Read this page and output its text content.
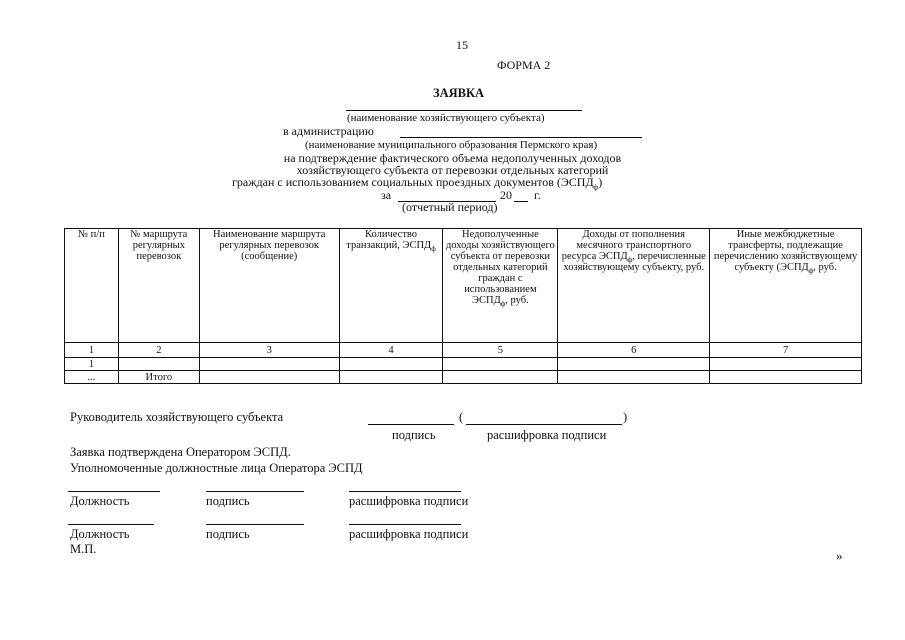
15
ФОРМА 2
ЗАЯВКА
(наименование хозяйствующего субъекта)
в администрацию
(наименование муниципального образования Пермского края)
на подтверждение фактического объема недополученных доходов
хозяйствующего субъекта от перевозки отдельных категорий
граждан с использованием социальных проездных документов $(ЭСПД_ф)$
за	20 г.
(отчетный период)
№ п/п	№ маршрута регулярных перевозок	Наименование маршрута регулярных перевозок (сообщение)	Количество транзакций, $ЭСПД_ф$	Недополученные доходы хозяйствующего субъекта от перевозки отдельных категорий граждан с использованием $ЭСПД_ф$, руб.	Доходы от пополнения месячного транспортного ресурса $ЭСПД_ф$, перечисленные хозяйствующему субъекту, руб.	Иные межбюджетные трансферты, подлежащие перечислению хозяйствующему субъекту ($ЭСПД_ф$, руб.
1	2	3	4	5	6	7
1						
...	Итого					
Руководитель хозяйствующего субъекта	(	)
подпись	расшифровка подписи
Заявка подтверждена Оператором ЭСПД.
Уполномоченные должностные лица Оператора ЭСПД
Должность	подпись	расшифровка подписи
Должность	подпись	расшифровка подписи
М.П.	»
